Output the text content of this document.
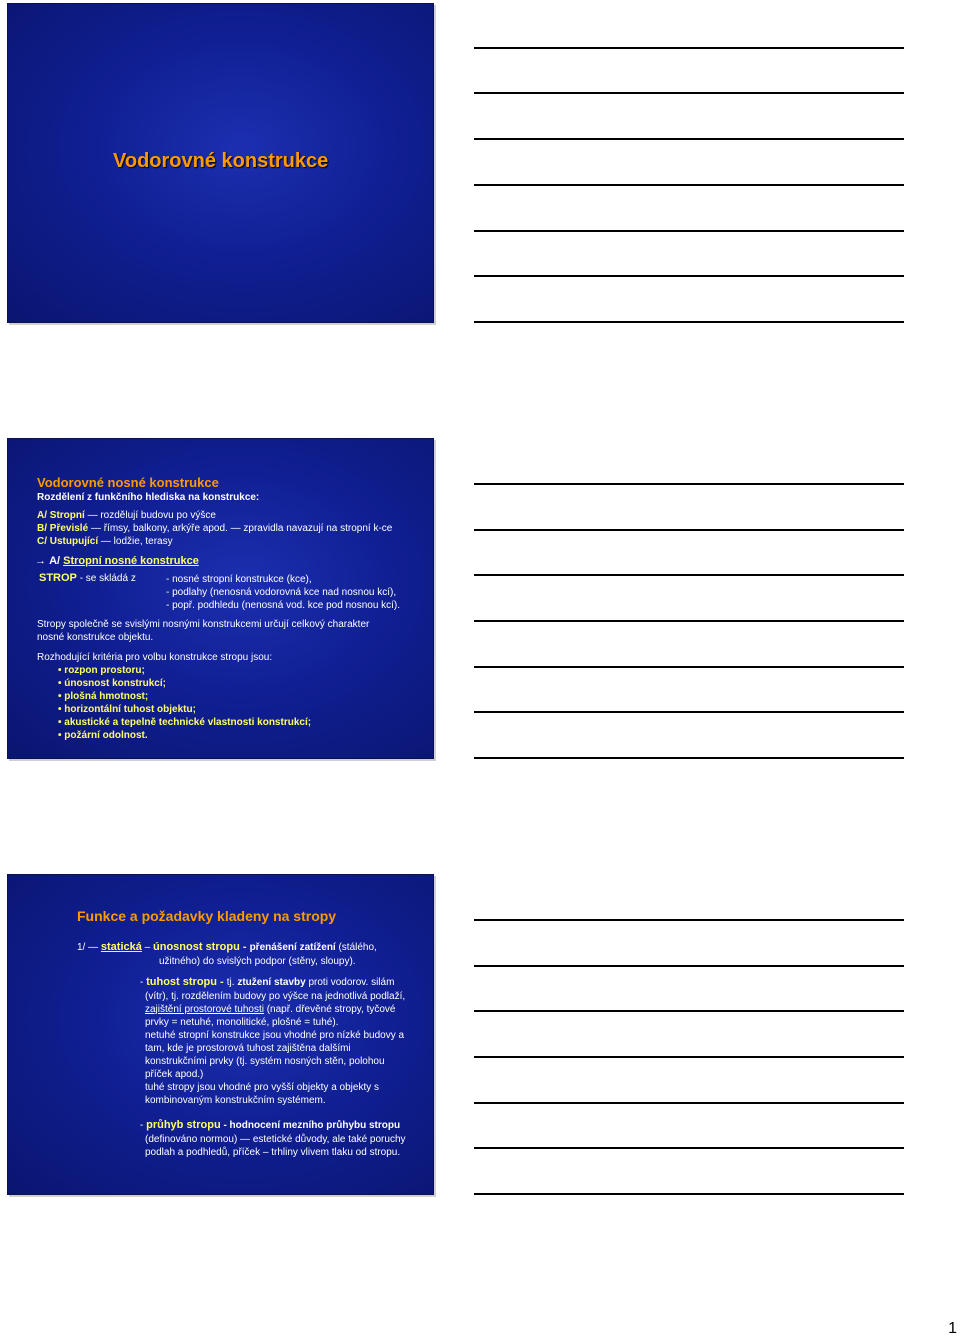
Vodorovné konstrukce
Vodorovné nosné konstrukce
Rozdělení z funkčního hlediska na konstrukce:
A/ Stropní — rozdělují budovu po výšce
B/ Převislé — římsy, balkony, arkýře apod. — zpravidla navazují na stropní k-ce
C/ Ustupující — lodžie, terasy
→ A/ Stropní nosné konstrukce
STROP - se skládá z	- nosné stropní konstrukce (kce),
- podlahy (nenosná vodorovná kce nad nosnou kcí),
- popř. podhledu (nenosná vod. kce pod nosnou kcí).
Stropy společně se svislými nosnými konstrukcemi určují celkový charakter
nosné konstrukce objektu.
Rozhodující kritéria pro volbu konstrukce stropu jsou:
• rozpon prostoru;
• únosnost konstrukcí;
• plošná hmotnost;
• horizontální tuhost objektu;
• akustické a tepelně technické vlastnosti konstrukcí;
• požární odolnost.
Funkce a požadavky kladeny na stropy
1/ — statická – únosnost stropu - přenášení zatížení (stálého,
užitného) do svislých podpor (stěny, sloupy).
- tuhost stropu - tj. ztužení stavby proti vodorov. silám
(vítr), tj. rozdělením budovy po výšce na jednotlivá podlaží,
zajištění prostorové tuhosti (např. dřevěné stropy, tyčové
prvky = netuhé, monolitické, plošné = tuhé).
netuhé stropní konstrukce jsou vhodné pro nízké budovy a
tam, kde je prostorová tuhost zajištěna dalšími
konstrukčními prvky (tj. systém nosných stěn, polohou
příček apod.)
tuhé stropy jsou vhodné pro vyšší objekty a objekty s
kombinovaným konstrukčním systémem.
- průhyb stropu - hodnocení mezního průhybu stropu
(definováno normou) — estetické důvody, ale také poruchy
podlah a podhledů, příček – trhliny vlivem tlaku od stropu.
1
